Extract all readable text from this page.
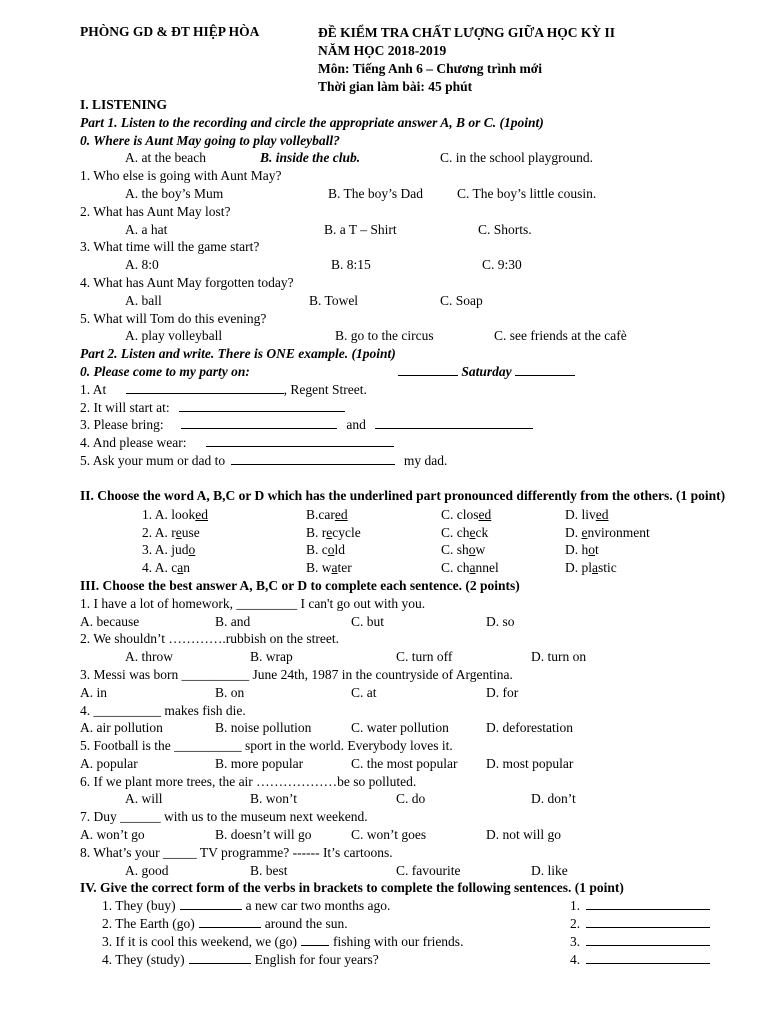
PHÒNG GD & ĐT HIỆP HÒA	ĐỀ KIỂM TRA CHẤT LƯỢNG GIỮA HỌC KỲ II
NĂM HỌC 2018-2019
Môn: Tiếng Anh 6 – Chương trình mới
Thời gian làm bài: 45 phút
I. LISTENING
Part 1. Listen to the recording and circle the appropriate answer A, B or C. (1point)
0. Where is Aunt May going to play volleyball?
A. at the beach	B. inside the club.	C. in the school playground.
1. Who else is going with Aunt May?
A. the boy’s Mum	B. The boy’s Dad	C. The boy’s little cousin.
2. What has Aunt May lost?
A. a hat	B. a T – Shirt	C. Shorts.
3. What time will the game start?
A. 8:0	B. 8:15	C. 9:30
4. What has Aunt May forgotten today?
A. ball	B. Towel	C. Soap
5. What will Tom do this evening?
A. play volleyball	B. go to the circus	C. see friends at the cafè
Part 2. Listen and write. There is ONE example. (1point)
0. Please come to my party on:	Saturday
1. At	, Regent Street.
2. It will start at:
3. Please bring:	and
4. And please wear:
5. Ask your mum or dad to	my dad.
II. Choose the word A, B,C or D which has the underlined part pronounced differently from the others. (1 point)
1. A. looked	B.cared	C. closed	D. lived
2. A. reuse	B. recycle	C. check	D. environment
3. A. judo	B. cold	C. show	D. hot
4. A. can	B. water	C. channel	D. plastic
III. Choose the best answer A, B,C or D to complete each sentence. (2 points)
1. I have a lot of homework, _________ I can't go out with you.
A. because	B. and	C. but	D. so
2. We shouldn’t ………….rubbish on the street.
A. throw	B. wrap	C. turn off	D. turn on
3. Messi was born __________ June 24th, 1987 in the countryside of Argentina.
A. in	B. on	C. at	D. for
4. __________ makes fish die.
A. air pollution	B. noise pollution	C. water pollution	D. deforestation
5. Football is the __________ sport in the world. Everybody loves it.
A. popular	B. more popular	C. the most popular D. most popular
6. If we plant more trees, the air ………………be so polluted.
A. will	B. won’t	C. do	D. don’t
7. Duy ______ with us to the museum next weekend.
A. won’t go	B. doesn’t will go	C. won’t goes	D. not will go
8. What’s your _____ TV programme? ------ It’s cartoons.
A. good	B. best	C. favourite	D. like
IV. Give the correct form of the verbs in brackets to complete the following sentences. (1 point)
1. They (buy)	a new car two months ago.	1.
2. The Earth (go)	around the sun.	2.
3. If it is cool this weekend, we (go)	fishing with our friends.	3.
4. They (study)	English for four years?	4.
